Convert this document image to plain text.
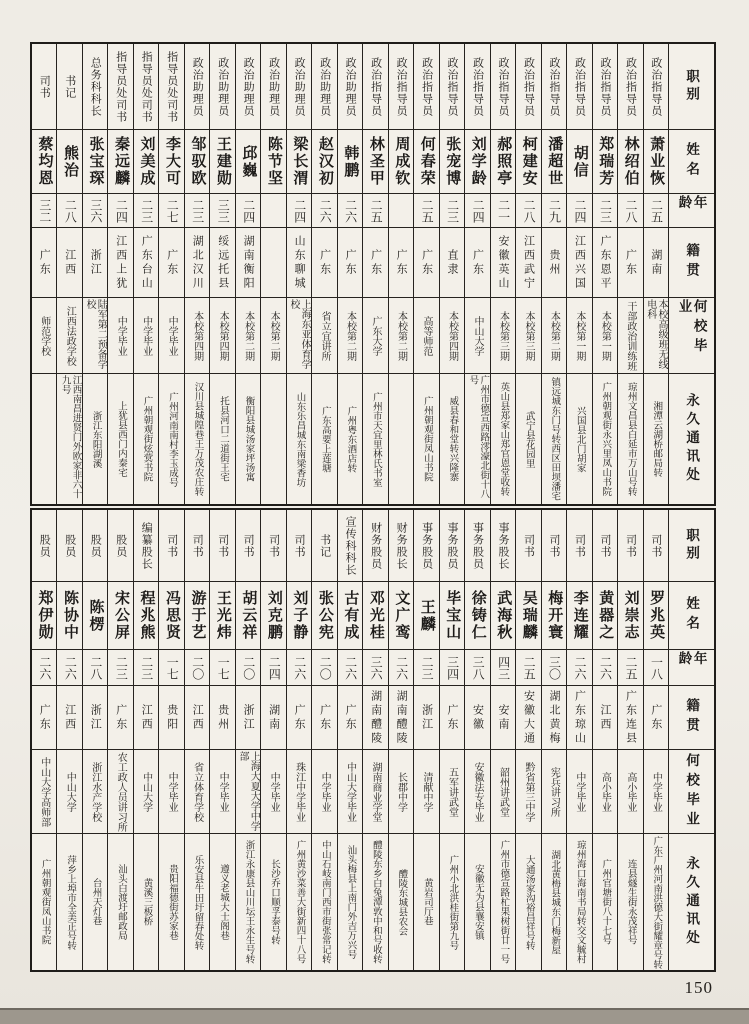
职别
姓名
年龄
籍贯
何校毕业
永久通讯处
政治指导员
萧业恢
二五
湖南
本校高级班无线电科
湘潭云湖桥邮局转
政治指导员
林绍伯
二八
广东
干部政治训练班
琼州文昌县白延市万山号转
政治指导员
郑瑞芳
二三
广东恩平
本校第一期
广州朝观街永兴里凤山书院
政治指导员
胡信
二四
江西兴国
本校第一期
兴国县北门胡家
政治指导员
潘超世
二九
贵州
本校第二期
镇远城东门号转西区田坝潘宅
政治指导员
柯建安
二八
江西武宁
本校第三期
武宁县花园里
政治指导员
郝照亭
二一
安徽英山
本校第三期
英山县郑家山郑官恩堂收转
政治指导员
刘学龄
二四
广东
中山大学
广州市德宣西路澪濠北街十八号
政治指导员
张宠博
二三
直隶
本校第四期
威县春和堂转兴隆寨
政治指导员
何春荣
二五
广东
高等师范
广州朝观街凤山书院
政治指导员
周成钦
广东
本校第二期
政治指导员
林圣甲
二五
广东
广东大学
广州市天宜里林氏书室
政治助理员
韩鹏
二六
广东
本校第二期
广州粤东酒店转
政治助理员
赵汉初
二六
广东
省立宜讲所
广东高要上莲塘
政治助理员
梁长渭
二四
山东聊城
上海东亚体育学校
山东乐昌城东南梁香坊
政治助理员
陈节坚
本校第二期
政治助理员
邱巍
二四
湖南衡阳
本校第二期
衡阳县城汤家坪汤寓
政治助理员
王建勋
三三
绥远托县
本校第四期
托县河口二道街王宅
政治助理员
邹驭欧
二三
湖北汉川
本校第四期
汉川县城隍巷王万茂农庄转
指导员处司书
李大可
二七
广东
中学毕业
广州河南南村李玉成号
指导员处司书
刘美成
二三
广东台山
中学毕业
广州朝观街炫蓂书院
指导员处司书
秦远麟
二四
江西上犹
中学毕业
上犹县西门内秦宅
总务科科长
张宝琛
三六
浙江
陆军第二预备学校
浙江东阳湖溪
书记
熊治
二八
江西
江西法政学校
江西南昌进贤门外欧家非六十九号
司书
蔡均恩
三二
广东
师范学校
职别
姓名
年龄
籍贯
何校毕业
永久通讯处
司书
罗兆英
一八
广东
中学毕业
广东广州河南洪德大街耀章号转
司书
刘崇志
二五
广东连县
高小毕业
连县燧生街永茂祥号
司书
黄器之
二六
江西
高小毕业
广州官塘街八十七号
司书
李连耀
二六
广东琼山
中学毕业
琼州海口海南书局转交文毓村
司书
梅开寰
三〇
湖北黄梅
宪兵讲习所
湖北黄梅县城东门梅新屋
司书
吴瑞麟
二五
安徽大通
黔省第三中学
大通汤家沟裕昌祥号转
事务股长
武海秋
四三
安南
韶州讲武堂
广州市德宣路杧果树街廿一号
事务股员
徐铸仁
三八
安徽
安徽法专毕业
安徽无为县襄安镇
事务股员
毕宝山
三四
广东
五军讲武堂
广州小北洪桂街第九号
事务股员
王麟
二三
浙江
清献中学
黄岩司厅巷
财务股长
文广鸾
二六
湖南醴陵
长郡中学
醴陵东城县农会
财务股员
邓光桂
三六
湖南醴陵
湖南商业学堂
醴陵东乡白兔潭敦中和号收转
宣传科科长
古有成
二六
广东
中山大学毕业
汕头梅县上南门外吉万兴号
书记
张公宪
二〇
广东
中学毕业
中山石岐南门西市街张常记转
司书
刘子静
二六
广东
珠江中学毕业
广州黄沙菜善大街新四十八号
司书
刘克鹏
二四
湖南
中学毕业
长沙乔口顺孚泰号转
司书
胡云祥
二〇
浙江
上海大夏大学中学部
浙江永康县山川坛王永生号转
司书
王光炜
一七
贵州
中学毕业
遵义老城大士阁巷
司书
游于艺
二〇
江西
省立体育学校
乐安县牛田圩留春处转
司书
冯思贤
一七
贵阳
中学毕业
贵阳福德街苏家巷
编纂股长
程兆熊
二三
江西
中山大学
黄溪三板桥
股员
宋公屏
二三
广东
农工政人员讲习所
汕头白渡圩邮政局
股员
陈楞
二八
浙江
浙江水产学校
台州天灯巷
股员
陈协中
二六
江西
中山大学
萍乡上埠市全美正号转
股员
郑伊勋
二六
广东
中山大学高师部
广州朝观街凤山书院
150
